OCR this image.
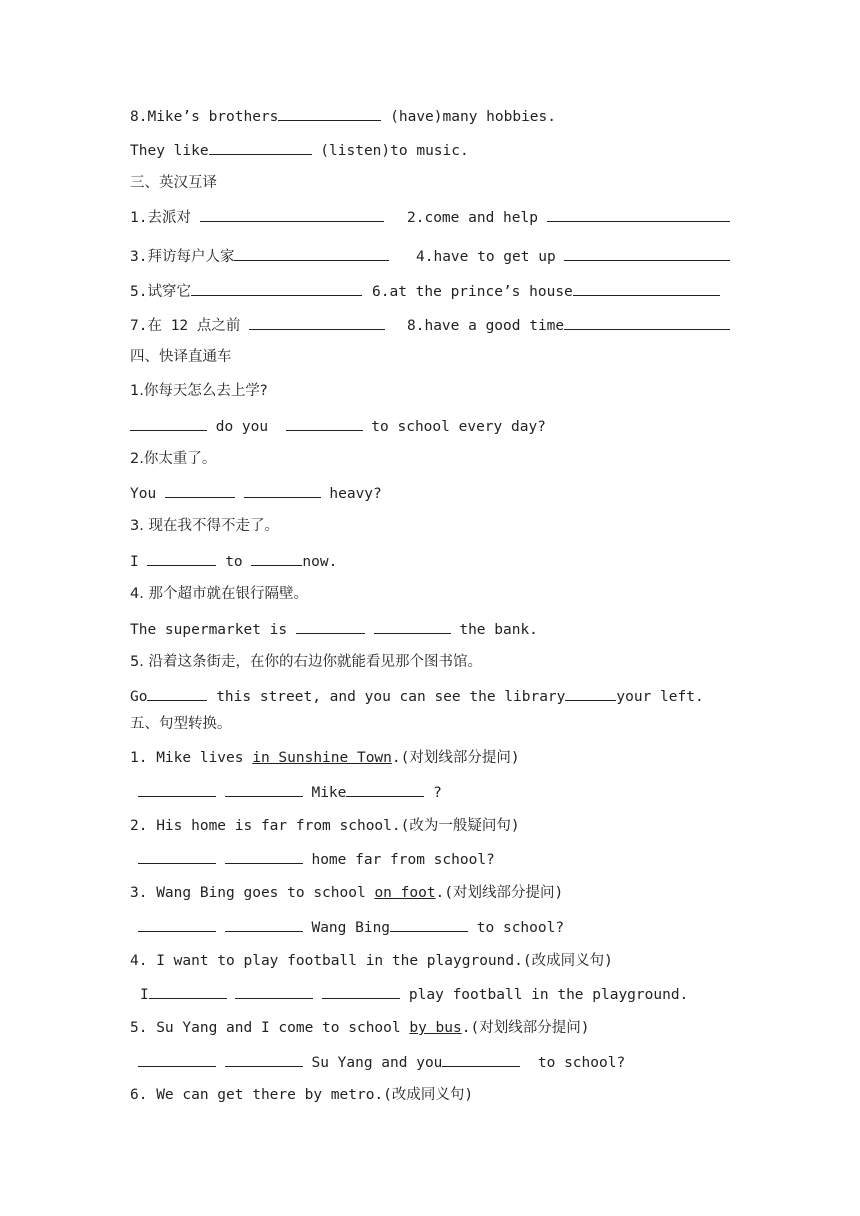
8.Mike’s brothers	(have)many hobbies.
They like	(listen)to music.
三、英汉互译
1.去派对	2.come and help
3.拜访每户人家	4.have to get up
5.试穿它	6.at the prince’s house
7.在 12 点之前	8.have a good time
四、快译直通车
1.你每天怎么去上学?
do you	to school every day?
2.你太重了。
You	heavy?
3. 现在我不得不走了。
I	to	now.
4. 那个超市就在银行隔壁。
The supermarket is	the bank.
5. 沿着这条街走，在你的右边你就能看见那个图书馆。
Go	this street, and you can see the library	your left.
五、句型转换。
1. Mike lives in Sunshine Town.(对划线部分提问)
Mike	?
2. His home is far from school.(改为一般疑问句)
home far from school?
3. Wang Bing goes to school on foot.(对划线部分提问)
Wang Bing	to school?
4. I want to play football in the playground.(改成同义句)
I	play football in the playground.
5. Su Yang and I come to school by bus.(对划线部分提问)
Su Yang and you	to school?
6. We can get there by metro.(改成同义句)
